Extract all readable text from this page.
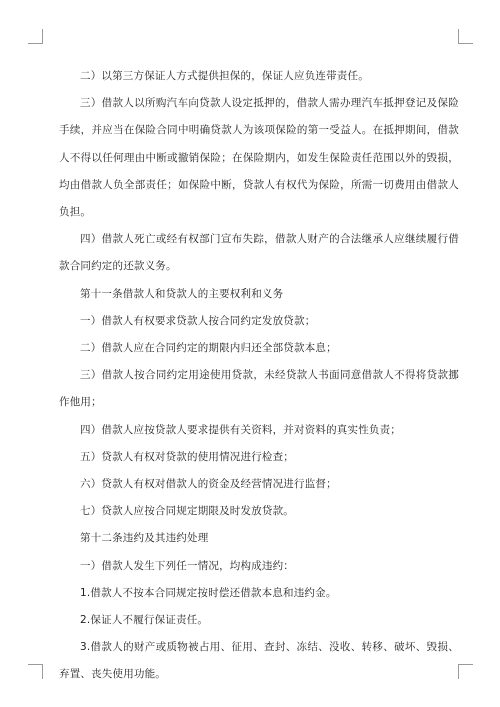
二）以第三方保证人方式提供担保的，保证人应负连带责任。

三）借款人以所购汽车向贷款人设定抵押的，借款人需办理汽车抵押登记及保险手续，并应当在保险合同中明确贷款人为该项保险的第一受益人。在抵押期间，借款人不得以任何理由中断或撤销保险；在保险期内，如发生保险责任范围以外的毁损，均由借款人负全部责任；如保险中断，贷款人有权代为保险，所需一切费用由借款人负担。

四）借款人死亡或经有权部门宣布失踪，借款人财产的合法继承人应继续履行借款合同约定的还款义务。

第十一条借款人和贷款人的主要权利和义务

一）借款人有权要求贷款人按合同约定发放贷款；

二）借款人应在合同约定的期限内归还全部贷款本息；

三）借款人按合同约定用途使用贷款，未经贷款人书面同意借款人不得将贷款挪作他用；

四）借款人应按贷款人要求提供有关资料，并对资料的真实性负责；

五）贷款人有权对贷款的使用情况进行检查；

六）贷款人有权对借款人的资金及经营情况进行监督；

七）贷款人应按合同规定期限及时发放贷款。

第十二条违约及其违约处理

一）借款人发生下列任一情况，均构成违约：

1.借款人不按本合同规定按时偿还借款本息和违约金。

2.保证人不履行保证责任。

3.借款人的财产或质物被占用、征用、查封、冻结、没收、转移、破坏、毁损、弃置、丧失使用功能。
